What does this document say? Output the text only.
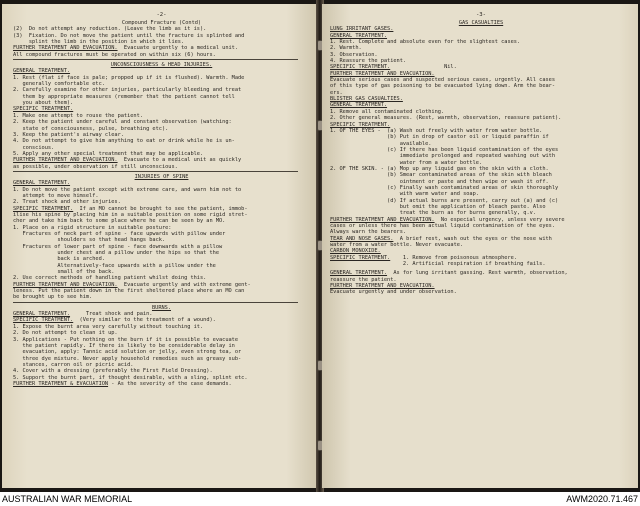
-2-
Compound Fracture (Contd)
(2)  Do not attempt any reduction. (Leave the limb as it is).
(3)  Fixation. Do not move the patient until the fracture is splinted and
splint the limb in the position in which it lies.
FURTHER TREATMENT AND EVACUATION.  Evacuate urgently to a medical unit.
All compound fractures must be operated on within six (6) hours.
UNCONSCIOUSNESS & HEAD INJURIES.
GENERAL TREATMENT.
1. Rest (flat if face is pale; propped up if it is flushed). Warmth. Made
generally comfortable etc.
2. Carefully examine for other injuries, particularly bleeding and treat
them by appropriate measures (remember that the patient cannot tell
you about them).
SPECIFIC TREATMENT.
1. Make one attempt to rouse the patient.
2. Keep the patient under careful and constant observation (watching:
state of consciousness, pulse, breathing etc).
3. Keep the patient's airway clear.
4. Do not attempt to give him anything to eat or drink while he is un-
conscious.
5. Apply any other special treatment that may be applicable.
FURTHER TREATMENT AND EVACUATION.  Evacuate to a medical unit as quickly
as possible, under observation if still unconscious.
INJURIES OF SPINE
GENERAL TREATMENT.
1. Do not move the patient except with extreme care, and warn him not to
attempt to move himself.
2. Treat shock and other injuries.
SPECIFIC TREATMENT.  If an MO cannot be brought to see the patient, immob-
ilise his spine by placing him in a suitable position on some rigid stret-
cher and take him back to some place where he can be seen by an MO.
1. Place on a rigid structure in suitable posture:
Fractures of neck part of spine - face upwards with pillow under
shoulders so that head hangs back.
Fractures of lower part of spine - face downwards with a pillow
under chest and a pillow under the hips so that the
back is arched.
Alternatively-face upwards with a pillow under the
small of the back.
2. Use correct methods of handling patient whilst doing this.
FURTHER TREATMENT AND EVACUATION.  Evacuate urgently and with extreme gent-
leness. Put the patient down in the first sheltered place where an MO can
be brought up to see him.
BURNS.
GENERAL TREATMENT.     Treat shock and pain.
SPECIFIC TREATMENT.  (Very similar to the treatment of a wound).
1. Expose the burnt area very carefully without touching it.
2. Do not attempt to clean it up.
3. Applications - Put nothing on the burn if it is possible to evacuate
the patient rapidly. If there is likely to be considerable delay in
evacuation, apply: Tannic acid solution or jelly, even strong tea, or
three dye mixture. Never apply household remedies such as greasy sub-
stances, carron oil or picric acid.
4. Cover with a dressing (preferably the First Field Dressing).
5. Support the burnt part, if thought desirable, with a sling, splint etc.
FURTHER TREATMENT & EVACUATION - As the severity of the case demands.
-3-
GAS CASUALTIES
LUNG IRRITANT GASES.
GENERAL TREATMENT.
1. Rest. Complete and absolute even for the slightest cases.
2. Warmth.
3. Observation.
4. Reassure the patient.
SPECIFIC TREATMENT.                 Nil.
FURTHER TREATMENT AND EVACUATION.
Evacuate serious cases and suspected serious cases, urgently. All cases
of this type of gas poisoning to be evacuated lying down. Arm the bear-
ers.
BLISTER GAS CASUALTIES.
GENERAL TREATMENT.
1. Remove all contaminated clothing.
2. Other general measures. (Rest, warmth, observation, reassure patient).
SPECIFIC TREATMENT.
1. OF THE EYES -  (a) Wash out freely with water from water bottle.
(b) Put in drop of castor oil or liquid paraffin if
available.
(c) If there has been liquid contamination of the eyes
immediate prolonged and repeated washing out with
water from a water bottle.
2. OF THE SKIN. - (a) Mop up any liquid gas on the skin with a cloth.
(b) Smear contaminated areas of the skin with bleach
ointment or paste and then wipe or wash it off.
(c) Finally wash contaminated areas of skin thoroughly
with warm water and soap.
(d) If actual burns are present, carry out (a) and (c)
but omit the application of bleach paste. Also
treat the burn as for burns generally, q.v.
FURTHER TREATMENT AND EVACUATION.  No especial urgency, unless very severe
cases or unless there has been actual liquid contamination of the eyes.
Always warn the bearers.
TEAR AND NOSE GASES.  A brief rest, wash out the eyes or the nose with
water from a water bottle. Never evacuate.
CARBON MONOXIDE.
SPECIFIC TREATMENT.    1. Remove from poisonous atmosphere.
2. Artificial respiration if breathing fails.
GENERAL TREATMENT.  As for lung irritant gassing. Rest warmth, observation,
reassure the patient.
FURTHER TREATMENT AND EVACUATION.
Evacuate urgently and under observation.
AUSTRALIAN WAR MEMORIAL	AWM2020.71.467
